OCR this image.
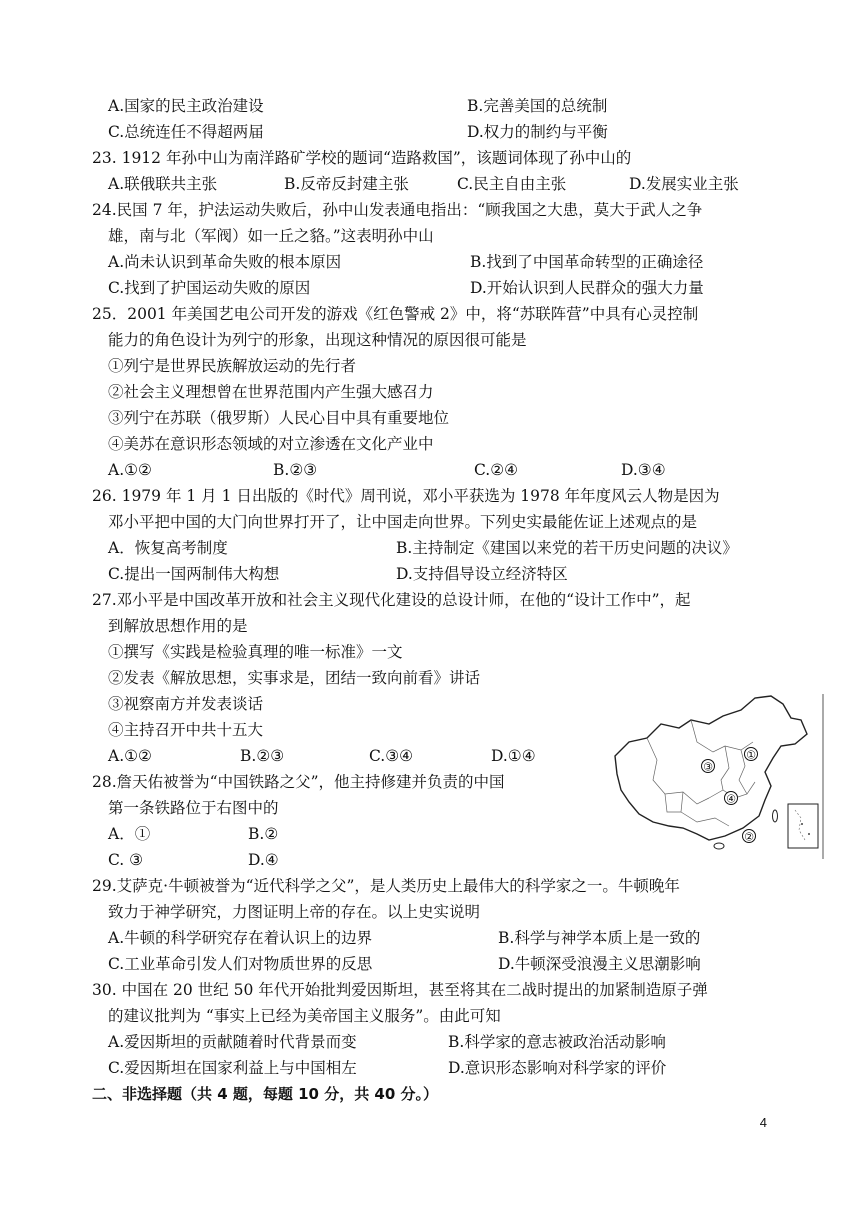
A.国家的民主政治建设	B.完善美国的总统制
C.总统连任不得超两届	D.权力的制约与平衡
23. 1912 年孙中山为南洋路矿学校的题词“造路救国”，该题词体现了孙中山的
A.联俄联共主张	B.反帝反封建主张	C.民主自由主张	D.发展实业主张
24.民国 7 年，护法运动失败后，孙中山发表通电指出：“顾我国之大患，莫大于武人之争
雄，南与北（军阀）如一丘之貉。”这表明孙中山
A.尚未认识到革命失败的根本原因	B.找到了中国革命转型的正确途径
C.找到了护国运动失败的原因	D.开始认识到人民群众的强大力量
25．2001 年美国艺电公司开发的游戏《红色警戒 2》中，将“苏联阵营”中具有心灵控制
能力的角色设计为列宁的形象，出现这种情况的原因很可能是
①列宁是世界民族解放运动的先行者
②社会主义理想曾在世界范围内产生强大感召力
③列宁在苏联（俄罗斯）人民心目中具有重要地位
④美苏在意识形态领域的对立渗透在文化产业中
A.①②	B.②③	C.②④	D.③④
26. 1979 年 1 月 1 日出版的《时代》周刊说，邓小平获选为 1978 年年度风云人物是因为
邓小平把中国的大门向世界打开了，让中国走向世界。下列史实最能佐证上述观点的是
A．恢复高考制度	B.主持制定《建国以来党的若干历史问题的决议》
C.提出一国两制伟大构想	D.支持倡导设立经济特区
27.邓小平是中国改革开放和社会主义现代化建设的总设计师，在他的“设计工作中”，起
到解放思想作用的是
①撰写《实践是检验真理的唯一标准》一文
②发表《解放思想，实事求是，团结一致向前看》讲话
③视察南方并发表谈话
④主持召开中共十五大
A.①②	B.②③	C.③④	D.①④
28.詹天佑被誉为“中国铁路之父”，他主持修建并负责的中国
第一条铁路位于右图中的
A．①	B.②
C. ③	D.④
①
②
③
④
29.艾萨克·牛顿被誉为“近代科学之父”，是人类历史上最伟大的科学家之一。牛顿晚年
致力于神学研究，力图证明上帝的存在。以上史实说明
A.牛顿的科学研究存在着认识上的边界	B.科学与神学本质上是一致的
C.工业革命引发人们对物质世界的反思	D.牛顿深受浪漫主义思潮影响
30. 中国在 20 世纪 50 年代开始批判爱因斯坦，甚至将其在二战时提出的加紧制造原子弹
的建议批判为 “事实上已经为美帝国主义服务”。由此可知
A.爱因斯坦的贡献随着时代背景而变	B.科学家的意志被政治活动影响
C.爱因斯坦在国家利益上与中国相左	D.意识形态影响对科学家的评价
二、非选择题（共 4 题，每题 10 分，共 40 分。）
4
